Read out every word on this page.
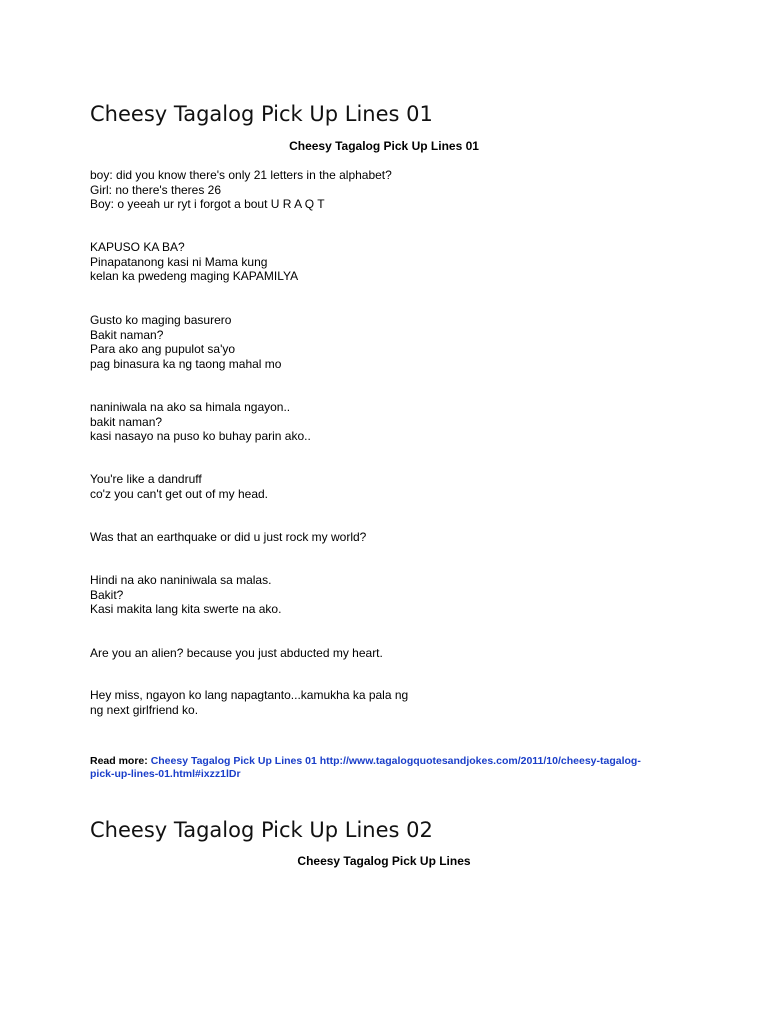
Cheesy Tagalog Pick Up Lines 01
Cheesy Tagalog Pick Up Lines 01
boy: did you know there's only 21 letters in the alphabet?
Girl: no there's theres 26
Boy: o yeeah ur ryt i forgot a bout U R A Q T
KAPUSO KA BA?
Pinapatanong kasi ni Mama kung
kelan ka pwedeng maging KAPAMILYA
Gusto ko maging basurero
Bakit naman?
Para ako ang pupulot sa'yo
pag binasura ka ng taong mahal mo
naniniwala na ako sa himala ngayon..
bakit naman?
kasi nasayo na puso ko buhay parin ako..
You're like a dandruff
co'z you can't get out of my head.
Was that an earthquake or did u just rock my world?
Hindi na ako naniniwala sa malas.
Bakit?
Kasi makita lang kita swerte na ako.
Are you an alien? because you just abducted my heart.
Hey miss, ngayon ko lang napagtanto...kamukha ka pala ng
ng next girlfriend ko.

Read more: Cheesy Tagalog Pick Up Lines 01 http://www.tagalogquotesandjokes.com/2011/10/cheesy-tagalog-pick-up-lines-01.html#ixzz1lDr

Cheesy Tagalog Pick Up Lines 02
Cheesy Tagalog Pick Up Lines
